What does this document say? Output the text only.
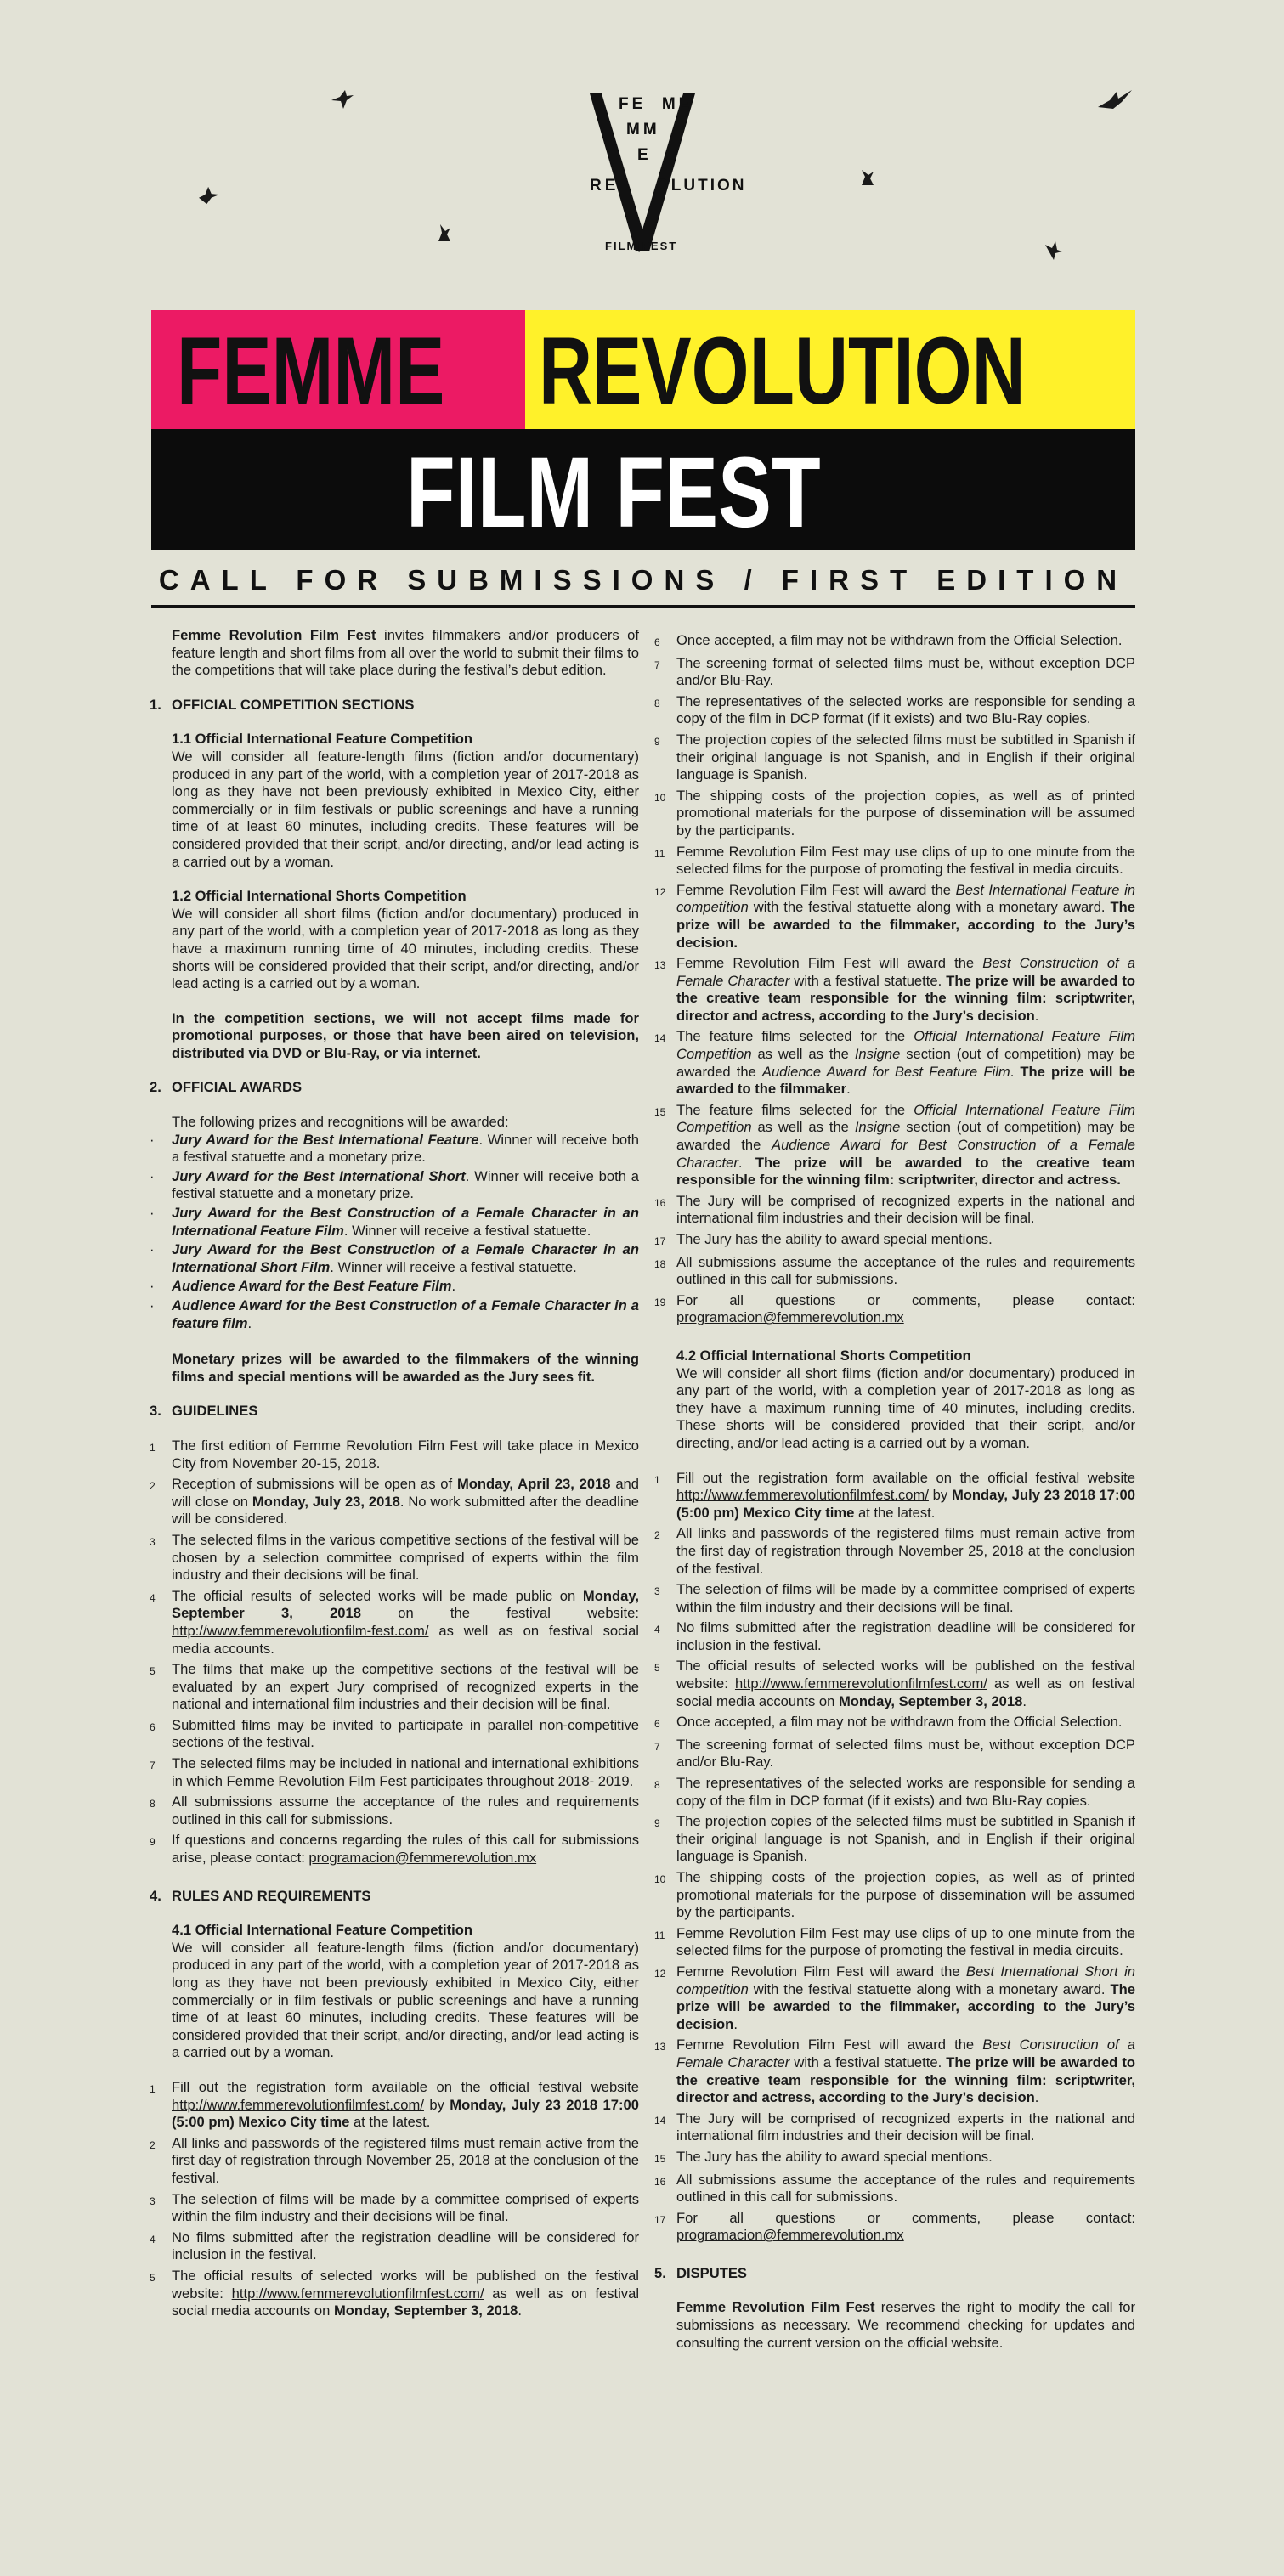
FE  ME
MM
E
RE OLUTION
FILM|FEST
FEMME REVOLUTION
FILM FEST
CALL FOR SUBMISSIONS / FIRST EDITION

Femme Revolution Film Fest invites filmmakers and/or producers of feature length and short films from all over the world to submit their films to the competitions that will take place during the festival’s debut edition.

1. OFFICIAL COMPETITION SECTIONS
1.1 Official International Feature Competition

We will consider all feature-length films (fiction and/or documentary) produced in any part of the world, with a completion year of 2017-2018 as long as they have not been previously exhibited in Mexico City, either commercially or in film festivals or public screenings and have a running time of at least 60 minutes, including credits. These features will be considered provided that their script, and/or directing, and/or lead acting is a carried out by a woman.

1.2 Official International Shorts Competition

We will consider all short films (fiction and/or documentary) produced in any part of the world, with a completion year of 2017-2018 as long as they have a maximum running time of 40 minutes, including credits. These shorts will be considered provided that their script, and/or directing, and/or lead acting is a carried out by a woman.

In the competition sections, we will not accept films made for promotional purposes, or those that have been aired on television, distributed via DVD or Blu-Ray, or via internet.

2. OFFICIAL AWARDS

The following prizes and recognitions will be awarded:

·	Jury Award for the Best International Feature. Winner will receive both a festival statuette and a monetary prize.
·	Jury Award for the Best International Short. Winner will receive both a festival statuette and a monetary prize.
·	Jury Award for the Best Construction of a Female Character in an International Feature Film. Winner will receive a festival statuette.
·	Jury Award for the Best Construction of a Female Character in an International Short Film. Winner will receive a festival statuette.
·	Audience Award for the Best Feature Film.
·	Audience Award for the Best Construction of a Female Character in a feature film.

Monetary prizes will be awarded to the filmmakers of the winning films and special mentions will be awarded as the Jury sees fit.

3. GUIDELINES
1	The first edition of Femme Revolution Film Fest will take place in Mexico City from November 20-15, 2018.
2	Reception of submissions will be open as of Monday, April 23, 2018 and will close on Monday, July 23, 2018. No work submitted after the deadline will be considered.
3	The selected films in the various competitive sections of the festival will be chosen by a selection committee comprised of experts within the film industry and their decisions will be final.
4	The official results of selected works will be made public on Monday, September 3, 2018 on the festival website: http://www.femmerevolutionfilm-fest.com/ as well as on festival social media accounts.
5	The films that make up the competitive sections of the festival will be evaluated by an expert Jury comprised of recognized experts in the national and international film industries and their decision will be final.
6	Submitted films may be invited to participate in parallel non-competitive sections of the festival.
7	The selected films may be included in national and international exhibitions in which Femme Revolution Film Fest participates throughout 2018- 2019.
8	All submissions assume the acceptance of the rules and requirements outlined in this call for submissions.
9	If questions and concerns regarding the rules of this call for submissions arise, please contact: programacion@femmerevolution.mx
4. RULES AND REQUIREMENTS
4.1 Official International Feature Competition

We will consider all feature-length films (fiction and/or documentary) produced in any part of the world, with a completion year of 2017-2018 as long as they have not been previously exhibited in Mexico City, either commercially or in film festivals or public screenings and have a running time of at least 60 minutes, including credits. These features will be considered provided that their script, and/or directing, and/or lead acting is a carried out by a woman.

1	Fill out the registration form available on the official festival website http://www.femmerevolutionfilmfest.com/ by Monday, July 23 2018 17:00 (5:00 pm) Mexico City time at the latest.
2	All links and passwords of the registered films must remain active from the first day of registration through November 25, 2018 at the conclusion of the festival.
3	The selection of films will be made by a committee comprised of experts within the film industry and their decisions will be final.
4	No films submitted after the registration deadline will be considered for inclusion in the festival.
5	The official results of selected works will be published on the festival website: http://www.femmerevolutionfilmfest.com/ as well as on festival social media accounts on Monday, September 3, 2018.
6	Once accepted, a film may not be withdrawn from the Official Selection.
7	The screening format of selected films must be, without exception DCP and/or Blu-Ray.
8	The representatives of the selected works are responsible for sending a copy of the film in DCP format (if it exists) and two Blu-Ray copies.
9	The projection copies of the selected films must be subtitled in Spanish if their original language is not Spanish, and in English if their original language is Spanish.
10 The shipping costs of the projection copies, as well as of printed promotional materials for the purpose of dissemination will be assumed by the participants.
11 Femme Revolution Film Fest may use clips of up to one minute from the selected films for the purpose of promoting the festival in media circuits.
12 Femme Revolution Film Fest will award the Best International Feature in competition with the festival statuette along with a monetary award. The prize will be awarded to the filmmaker, according to the Jury’s decision.
13 Femme Revolution Film Fest will award the Best Construction of a Female Character with a festival statuette. The prize will be awarded to the creative team responsible for the winning film: scriptwriter, director and actress, according to the Jury’s decision.
14 The feature films selected for the Official International Feature Film Competition as well as the Insigne section (out of competition) may be awarded the Audience Award for Best Feature Film. The prize will be awarded to the filmmaker.
15 The feature films selected for the Official International Feature Film Competition as well as the Insigne section (out of competition) may be awarded the Audience Award for Best Construction of a Female Character. The prize will be awarded to the creative team responsible for the winning film: scriptwriter, director and actress.
16 The Jury will be comprised of recognized experts in the national and international film industries and their decision will be final.
17 The Jury has the ability to award special mentions.
18 All submissions assume the acceptance of the rules and requirements outlined in this call for submissions.
19 For all questions or comments, please contact: programacion@femmerevolution.mx
4.2 Official International Shorts Competition

We will consider all short films (fiction and/or documentary) produced in any part of the world, with a completion year of 2017-2018 as long as they have a maximum running time of 40 minutes, including credits. These shorts will be considered provided that their script, and/or directing, and/or lead acting is a carried out by a woman.

1	Fill out the registration form available on the official festival website http://www.femmerevolutionfilmfest.com/ by Monday, July 23 2018 17:00 (5:00 pm) Mexico City time at the latest.
2	All links and passwords of the registered films must remain active from the first day of registration through November 25, 2018 at the conclusion of the festival.
3	The selection of films will be made by a committee comprised of experts within the film industry and their decisions will be final.
4	No films submitted after the registration deadline will be considered for inclusion in the festival.
5	The official results of selected works will be published on the festival website: http://www.femmerevolutionfilmfest.com/ as well as on festival social media accounts on Monday, September 3, 2018.
6	Once accepted, a film may not be withdrawn from the Official Selection.
7	The screening format of selected films must be, without exception DCP and/or Blu-Ray.
8	The representatives of the selected works are responsible for sending a copy of the film in DCP format (if it exists) and two Blu-Ray copies.
9	The projection copies of the selected films must be subtitled in Spanish if their original language is not Spanish, and in English if their original language is Spanish.
10 The shipping costs of the projection copies, as well as of printed promotional materials for the purpose of dissemination will be assumed by the participants.
11 Femme Revolution Film Fest may use clips of up to one minute from the selected films for the purpose of promoting the festival in media circuits.
12 Femme Revolution Film Fest will award the Best International Short in competition with the festival statuette along with a monetary award. The prize will be awarded to the filmmaker, according to the Jury’s decision.
13 Femme Revolution Film Fest will award the Best Construction of a Female Character with a festival statuette. The prize will be awarded to the creative team responsible for the winning film: scriptwriter, director and actress, according to the Jury’s decision.
14 The Jury will be comprised of recognized experts in the national and international film industries and their decision will be final.
15 The Jury has the ability to award special mentions.
16 All submissions assume the acceptance of the rules and requirements outlined in this call for submissions.
17 For all questions or comments, please contact: programacion@femmerevolution.mx
5. DISPUTES

Femme Revolution Film Fest reserves the right to modify the call for submissions as necessary. We recommend checking for updates and consulting the current version on the official website.
